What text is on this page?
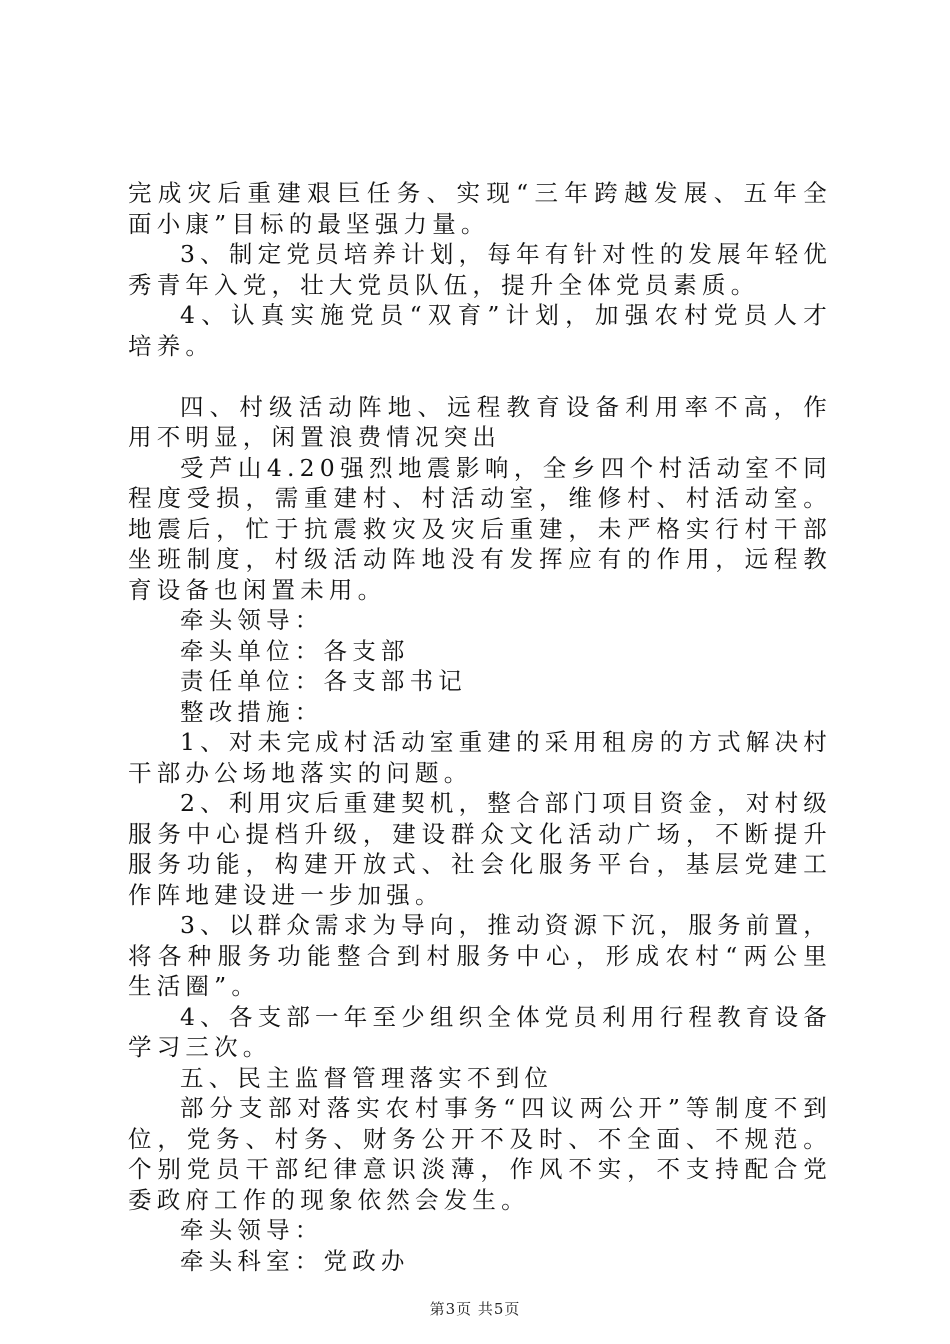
完成灾后重建艰巨任务、实现“三年跨越发展、五年全面小康”目标的最坚强力量。

3、制定党员培养计划，每年有针对性的发展年轻优秀青年入党，壮大党员队伍，提升全体党员素质。

4、认真实施党员“双育”计划，加强农村党员人才培养。

四、村级活动阵地、远程教育设备利用率不高，作用不明显，闲置浪费情况突出

受芦山4.20强烈地震影响，全乡四个村活动室不同程度受损，需重建村、村活动室，维修村、村活动室。地震后，忙于抗震救灾及灾后重建，未严格实行村干部坐班制度，村级活动阵地没有发挥应有的作用，远程教育设备也闲置未用。

牵头领导：

牵头单位：各支部

责任单位：各支部书记

整改措施：

1、对未完成村活动室重建的采用租房的方式解决村干部办公场地落实的问题。

2、利用灾后重建契机，整合部门项目资金，对村级服务中心提档升级，建设群众文化活动广场，不断提升服务功能，构建开放式、社会化服务平台，基层党建工作阵地建设进一步加强。

3、以群众需求为导向，推动资源下沉，服务前置，将各种服务功能整合到村服务中心，形成农村“两公里生活圈”。

4、各支部一年至少组织全体党员利用行程教育设备学习三次。

五、民主监督管理落实不到位

部分支部对落实农村事务“四议两公开”等制度不到位，党务、村务、财务公开不及时、不全面、不规范。个别党员干部纪律意识淡薄，作风不实，不支持配合党委政府工作的现象依然会发生。

牵头领导：

牵头科室：党政办

第3页 共5页
